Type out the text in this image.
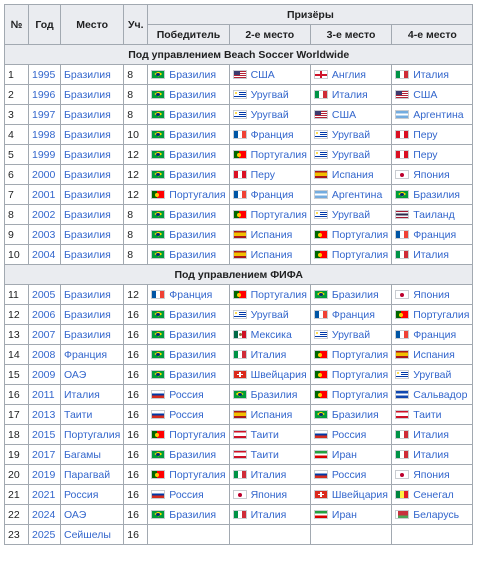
№	Год	Место	Уч.	Призёры			
				Победитель	2-е место	3-е место	4-е место
Под управлением Beach Soccer Worldwide							
1	1995	Бразилия	8	Бразилия	США	Англия	Италия
2	1996	Бразилия	8	Бразилия	Уругвай	Италия	США
3	1997	Бразилия	8	Бразилия	Уругвай	США	Аргентина
4	1998	Бразилия	10	Бразилия	Франция	Уругвай	Перу
5	1999	Бразилия	12	Бразилия	Португалия	Уругвай	Перу
6	2000	Бразилия	12	Бразилия	Перу	Испания	Япония
7	2001	Бразилия	12	Португалия	Франция	Аргентина	Бразилия
8	2002	Бразилия	8	Бразилия	Португалия	Уругвай	Таиланд
9	2003	Бразилия	8	Бразилия	Испания	Португалия	Франция
10	2004	Бразилия	8	Бразилия	Испания	Португалия	Италия
Под управлением ФИФА							
11	2005	Бразилия	12	Франция	Португалия	Бразилия	Япония
12	2006	Бразилия	16	Бразилия	Уругвай	Франция	Португалия
13	2007	Бразилия	16	Бразилия	Мексика	Уругвай	Франция
14	2008	Франция	16	Бразилия	Италия	Португалия	Испания
15	2009	ОАЭ	16	Бразилия	Швейцария	Португалия	Уругвай
16	2011	Италия	16	Россия	Бразилия	Португалия	Сальвадор
17	2013	Таити	16	Россия	Испания	Бразилия	Таити
18	2015	Португалия	16	Португалия	Таити	Россия	Италия
19	2017	Багамы	16	Бразилия	Таити	Иран	Италия
20	2019	Парагвай	16	Португалия	Италия	Россия	Япония
21	2021	Россия	16	Россия	Япония	Швейцария	Сенегал
22	2024	ОАЭ	16	Бразилия	Италия	Иран	Беларусь
23	2025	Сейшелы	16				
